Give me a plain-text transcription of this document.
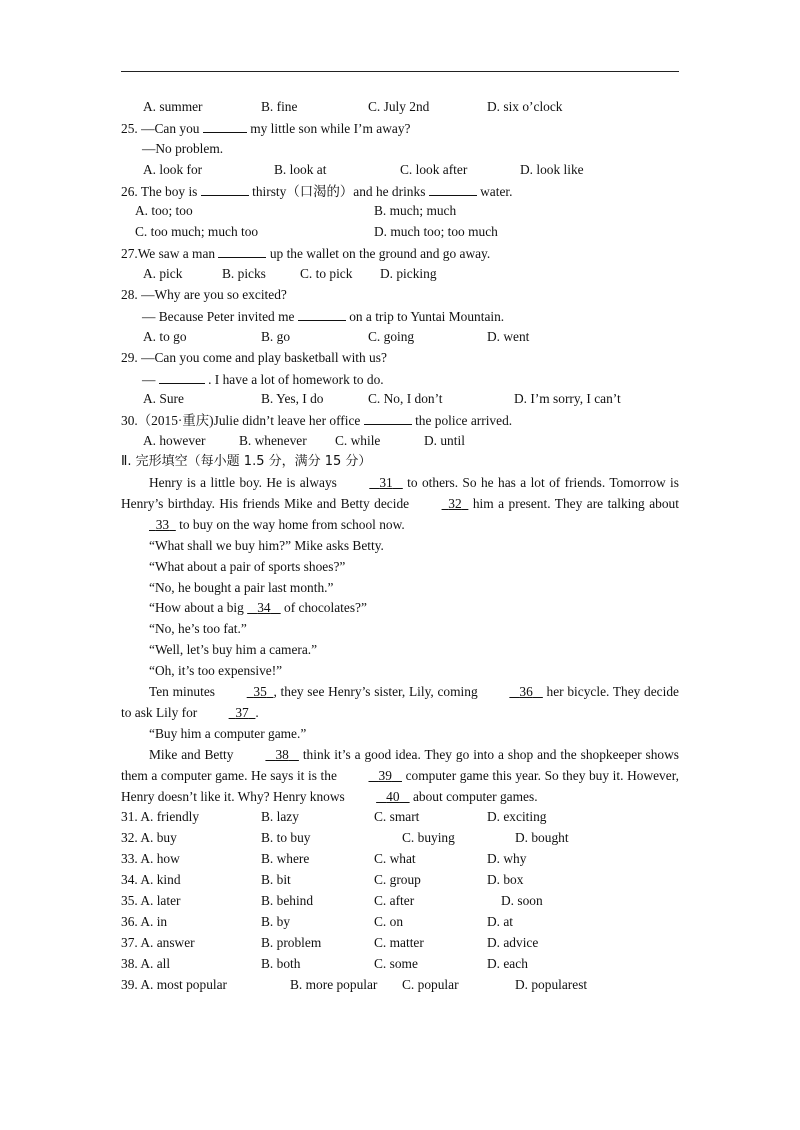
A. summer	B. fine	C. July 2nd	D. six o’clock
25. —Can you	my little son while I’m away?
—No problem.
A. look for	B. look at	C. look after	D. look like
26. The boy is	thirsty（口渴的）and he drinks	water.
A. too; too	B. much; much
C. too much; much too	D. much too; too much
27.We saw a man	up the wallet on the ground and go away.
A. pick	B. picks	C. to pick D. picking
28. —Why are you so excited?
— Because Peter invited me	on a trip to Yuntai Mountain.
A. to go	B. go	C. going	D. went
29. —Can you come and play basketball with us?
—	. I have a lot of homework to do.
A. Sure	B. Yes, I do	C. No, I don’t	D. I’m sorry, I can’t
30.（2015·重庆)Julie didn’t leave her office	the police arrived.
A. however	B. whenever C. while	D. until
Ⅱ. 完形填空（每小题 1.5 分，满分 15 分）
Henry is a little boy. He is always	31 to others. So he has a lot of friends. Tomorrow is Henry’s birthday. His friends Mike and Betty decide	32 him a present. They are talking about   33 to buy on the way home from school now.
“What shall we buy him?” Mike asks Betty.
“What about a pair of sports shoes?”
“No, he bought a pair last month.”
“How about a big 34 of chocolates?”
“No, he’s too fat.”
“Well, let’s buy him a camera.”
“Oh, it’s too expensive!”
Ten minutes	35 , they see Henry’s sister, Lily, coming	36 her bicycle. They decide to ask Lily for	37 .
“Buy him a computer game.”
Mike and Betty	38 think it’s a good idea. They go into a shop and the shopkeeper shows them a computer game. He says it is the	39 computer game this year. So they buy it. However, Henry doesn’t like it. Why? Henry knows	40 about computer games.
31. A. friendly	B. lazy	C. smart	D. exciting
32. A. buy	B. to buy	C. buying	D. bought
33. A. how	B. where	C. what	D. why
34. A. kind	B. bit	C. group	D. box
35. A. later	B. behind	C. after	D. soon
36. A. in	B. by	C. on	D. at
37. A. answer	B. problem	C. matter	D. advice
38. A. all	B. both	C. some	D. each
39. A. most popular	B. more popular C. popular	D. popularest
